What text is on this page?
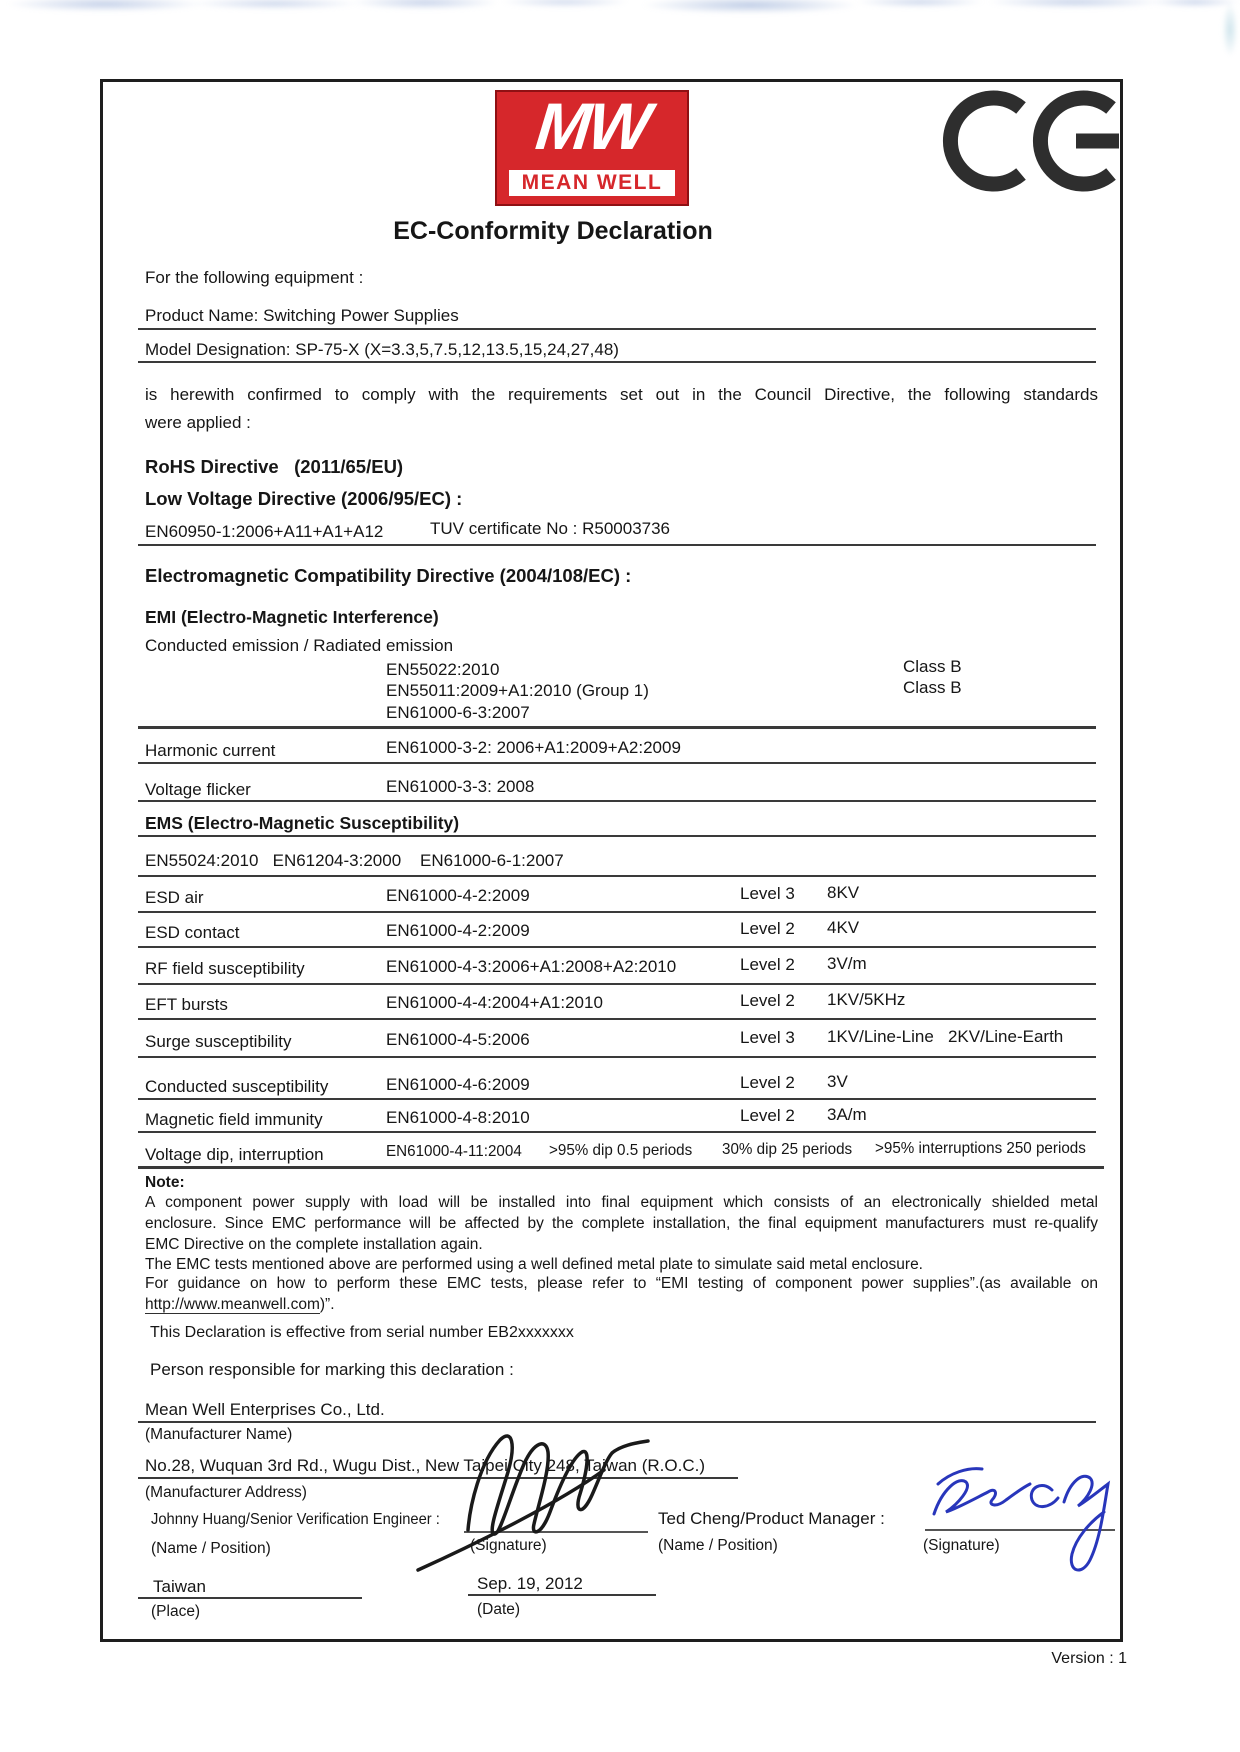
MW
MEAN WELL
EC-Conformity Declaration
For the following equipment :
Product Name: Switching Power Supplies
Model Designation: SP-75-X (X=3.3,5,7.5,12,13.5,15,24,27,48)
is herewith confirmed to comply with the requirements set out in the Council Directive, the following standards
were applied :
RoHS Directive   (2011/65/EU)
Low Voltage Directive (2006/95/EC) :
EN60950-1:2006+A11+A1+A12	TUV certificate No : R50003736
Electromagnetic Compatibility Directive (2004/108/EC) :
EMI (Electro-Magnetic Interference)
Conducted emission / Radiated emission
EN55022:2010	Class B
EN55011:2009+A1:2010 (Group 1)	Class B
EN61000-6-3:2007
Harmonic current	EN61000-3-2: 2006+A1:2009+A2:2009
Voltage flicker	EN61000-3-3: 2008
EMS (Electro-Magnetic Susceptibility)
EN55024:2010   EN61204-3:2000    EN61000-6-1:2007
ESD air	EN61000-4-2:2009	Level 3 8KV
ESD contact	EN61000-4-2:2009	Level 2 4KV
RF field susceptibility	EN61000-4-3:2006+A1:2008+A2:2010	Level 2 3V/m
EFT bursts	EN61000-4-4:2004+A1:2010	Level 2 1KV/5KHz
Surge susceptibility	EN61000-4-5:2006	Level 3 1KV/Line-Line   2KV/Line-Earth
Conducted susceptibility	EN61000-4-6:2009	Level 2 3V
Magnetic field immunity	EN61000-4-8:2010	Level 2 3A/m
Voltage dip, interruption	EN61000-4-11:2004 >95% dip 0.5 periods 30% dip 25 periods >95% interruptions 250 periods
Note:
A component power supply with load will be installed into final equipment which consists of an electronically shielded metal
enclosure. Since EMC performance will be affected by the complete installation, the final equipment manufacturers must re-qualify
EMC Directive on the complete installation again.
The EMC tests mentioned above are performed using a well defined metal plate to simulate said metal enclosure.
For guidance on how to perform these EMC tests, please refer to “EMI testing of component power supplies”.(as available on
http://www.meanwell.com)”.
This Declaration is effective from serial number EB2xxxxxxx
Person responsible for marking this declaration :
Mean Well Enterprises Co., Ltd.
(Manufacturer Name)
No.28, Wuquan 3rd Rd., Wugu Dist., New Taipei City 248, Taiwan (R.O.C.)
(Manufacturer Address)
Johnny Huang/Senior Verification Engineer :
(Signature)
(Name / Position)
Ted Cheng/Product Manager :
(Signature)
(Name / Position)
Taiwan
(Place)
Sep. 19, 2012
(Date)
Version : 1
